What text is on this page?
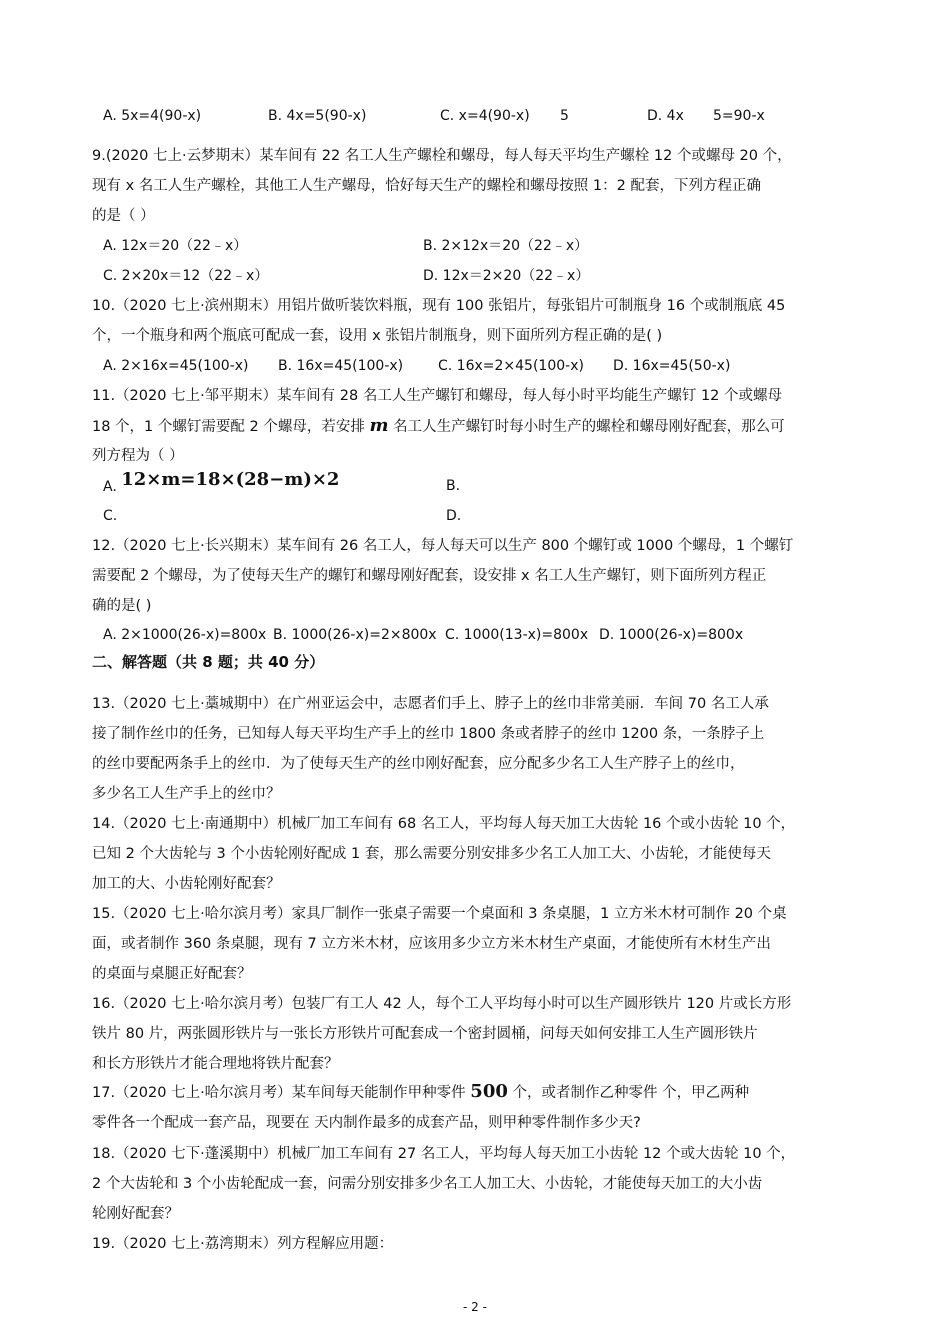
A. 5x=4(90-x)	B. 4x=5(90-x)	C. x=4(90-x) 5	D. 4x 5=90-x
9.(2020 七上·云梦期末）某车间有 22 名工人生产螺栓和螺母，每人每天平均生产螺栓 12 个或螺母 20 个，
现有 x 名工人生产螺栓，其他工人生产螺母，恰好每天生产的螺栓和螺母按照 1：2 配套，下列方程正确
的是（ ）
A. 12x＝20（22﹣x）	B. 2×12x＝20（22﹣x）
C. 2×20x＝12（22﹣x）	D. 12x＝2×20（22﹣x）
10.（2020 七上·滨州期末）用铝片做听装饮料瓶，现有 100 张铝片，每张铝片可制瓶身 16 个或制瓶底 45
个，一个瓶身和两个瓶底可配成一套，设用 x 张铝片制瓶身，则下面所列方程正确的是( )
A. 2×16x=45(100-x) B. 16x=45(100-x) C. 16x=2×45(100-x) D. 16x=45(50-x)
11.（2020 七上·邹平期末）某车间有 28 名工人生产螺钉和螺母，每人每小时平均能生产螺钉 12 个或螺母
18 个，1 个螺钉需要配 2 个螺母，若安排 m 名工人生产螺钉时每小时生产的螺栓和螺母刚好配套，那么可
列方程为（ ）
A. 12×m=18×(28−m)×2	B.
C.	D.
12.（2020 七上·长兴期末）某车间有 26 名工人，每人每天可以生产 800 个螺钉或 1000 个螺母，1 个螺钉
需要配 2 个螺母，为了使每天生产的螺钉和螺母刚好配套，设安排 x 名工人生产螺钉，则下面所列方程正
确的是( )
A. 2×1000(26-x)=800x B. 1000(26-x)=2×800x C. 1000(13-x)=800x D. 1000(26-x)=800x
二、解答题（共 8 题；共 40 分）
13.（2020 七上·藁城期中）在广州亚运会中，志愿者们手上、脖子上的丝巾非常美丽．车间 70 名工人承
接了制作丝巾的任务，已知每人每天平均生产手上的丝巾 1800 条或者脖子的丝巾 1200 条，一条脖子上
的丝巾要配两条手上的丝巾．为了使每天生产的丝巾刚好配套，应分配多少名工人生产脖子上的丝巾，
多少名工人生产手上的丝巾？
14.（2020 七上·南通期中）机械厂加工车间有 68 名工人，平均每人每天加工大齿轮 16 个或小齿轮 10 个，
已知 2 个大齿轮与 3 个小齿轮刚好配成 1 套，那么需要分别安排多少名工人加工大、小齿轮，才能使每天
加工的大、小齿轮刚好配套？
15.（2020 七上·哈尔滨月考）家具厂制作一张桌子需要一个桌面和 3 条桌腿，1 立方米木材可制作 20 个桌
面，或者制作 360 条桌腿，现有 7 立方米木材，应该用多少立方米木材生产桌面，才能使所有木材生产出
的桌面与桌腿正好配套？
16.（2020 七上·哈尔滨月考）包装厂有工人 42 人，每个工人平均每小时可以生产圆形铁片 120 片或长方形
铁片 80 片，两张圆形铁片与一张长方形铁片可配套成一个密封圆桶，问每天如何安排工人生产圆形铁片
和长方形铁片才能合理地将铁片配套？
17.（2020 七上·哈尔滨月考）某车间每天能制作甲种零件 500 个，或者制作乙种零件 个，甲乙两种
零件各一个配成一套产品，现要在 天内制作最多的成套产品，则甲种零件制作多少天?
18.（2020 七下·蓬溪期中）机械厂加工车间有 27 名工人，平均每人每天加工小齿轮 12 个或大齿轮 10 个，
2 个大齿轮和 3 个小齿轮配成一套，问需分别安排多少名工人加工大、小齿轮，才能使每天加工的大小齿
轮刚好配套？
19.（2020 七上·荔湾期末）列方程解应用题：
- 2 -
